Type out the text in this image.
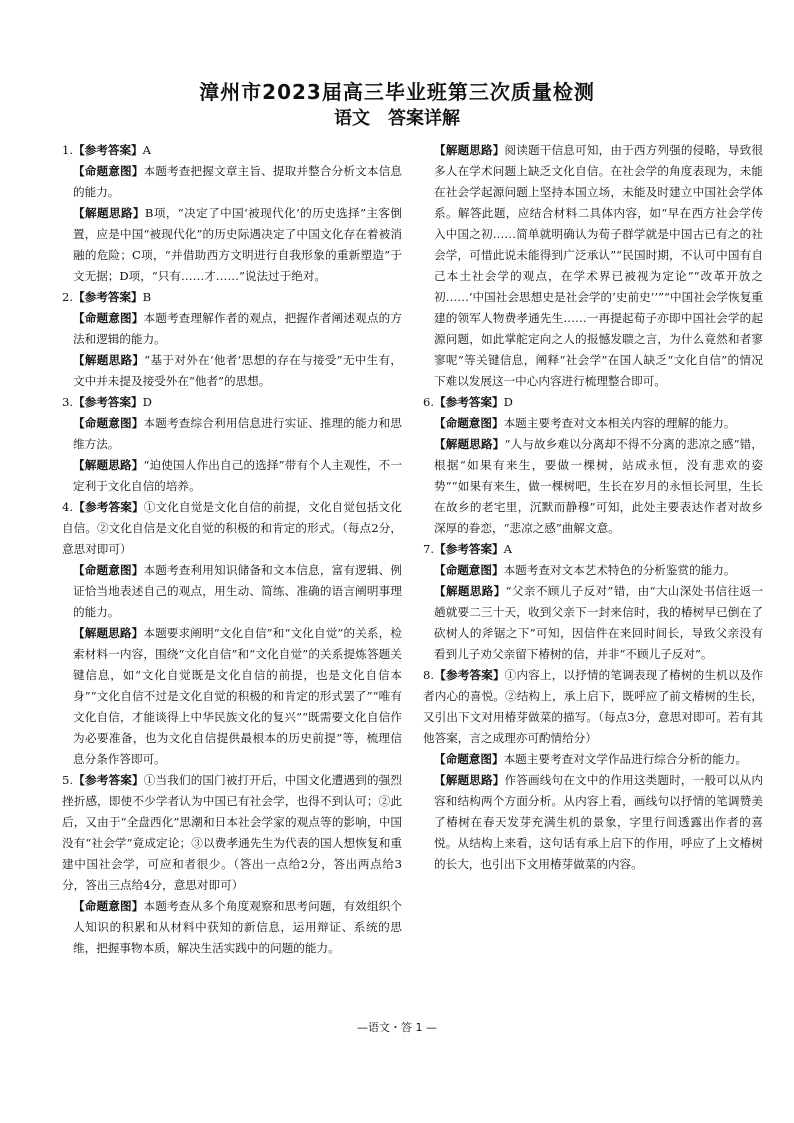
漳州市2023届高三毕业班第三次质量检测
语文　答案详解

1.【参考答案】A

【命题意图】本题考查把握文章主旨、提取并整合分析文本信息的能力。

【解题思路】B项，“决定了中国‘被现代化’的历史选择”主客倒置，应是中国“被现代化”的历史际遇决定了中国文化存在着被消融的危险；C项，“并借助西方文明进行自我形象的重新塑造”于文无据；D项，“只有……才……”说法过于绝对。

2.【参考答案】B

【命题意图】本题考查理解作者的观点，把握作者阐述观点的方法和逻辑的能力。

【解题思路】“基于对外在‘他者’思想的存在与接受”无中生有，文中并未提及接受外在“他者”的思想。

3.【参考答案】D

【命题意图】本题考查综合利用信息进行实证、推理的能力和思维方法。

【解题思路】“迫使国人作出自己的选择”带有个人主观性，不一定利于文化自信的培养。

4.【参考答案】①文化自觉是文化自信的前提，文化自觉包括文化自信。②文化自信是文化自觉的积极的和肯定的形式。（每点2分，意思对即可）

【命题意图】本题考查利用知识储备和文本信息，富有逻辑、例证恰当地表述自己的观点，用生动、简练、准确的语言阐明事理的能力。

【解题思路】本题要求阐明“文化自信”和“文化自觉”的关系，检索材料一内容，围绕“文化自信”和“文化自觉”的关系提炼答题关键信息，如“文化自觉既是文化自信的前提，也是文化自信本身”“文化自信不过是文化自觉的积极的和肯定的形式罢了”“唯有文化自信，才能谈得上中华民族文化的复兴”“既需要文化自信作为必要准备，也为文化自信提供最根本的历史前提”等，梳理信息分条作答即可。

5.【参考答案】①当我们的国门被打开后，中国文化遭遇到的强烈挫折感，即使不少学者认为中国已有社会学，也得不到认可；②此后，又由于“全盘西化”思潮和日本社会学家的观点等的影响，中国没有“社会学”竟成定论；③以费孝通先生为代表的国人想恢复和重建中国社会学，可应和者很少。（答出一点给2分，答出两点给3分，答出三点给4分，意思对即可）

【命题意图】本题考查从多个角度观察和思考问题，有效组织个人知识的积累和从材料中获知的新信息，运用辩证、系统的思维，把握事物本质，解决生活实践中的问题的能力。

【解题思路】阅读题干信息可知，由于西方列强的侵略，导致很多人在学术问题上缺乏文化自信。在社会学的角度表现为，未能在社会学起源问题上坚持本国立场，未能及时建立中国社会学体系。解答此题，应结合材料二具体内容，如“早在西方社会学传入中国之初……简单就明确认为荀子群学就是中国古已有之的社会学，可惜此说未能得到广泛承认”“民国时期，不认可中国有自己本土社会学的观点，在学术界已被视为定论”“改革开放之初……‘中国社会思想史是社会学的‘史前史’’”“中国社会学恢复重建的领军人物费孝通先生……一再提起荀子亦即中国社会学的起源问题，如此掌舵定向之人的报憾发聩之言，为什么竟然和者寥寥呢”等关键信息，阐释“社会学”在国人缺乏“文化自信”的情况下难以发展这一中心内容进行梳理整合即可。

6.【参考答案】D

【命题意图】本题主要考查对文本相关内容的理解的能力。

【解题思路】“人与故乡难以分离却不得不分离的悲凉之感”错，根据“如果有来生，要做一棵树，站成永恒，没有悲欢的姿势”“如果有来生，做一棵树吧，生长在岁月的永恒长河里，生长在故乡的老宅里，沉默而静穆”可知，此处主要表达作者对故乡深厚的眷恋，“悲凉之感”曲解文意。

7.【参考答案】A

【命题意图】本题考查对文本艺术特色的分析鉴赏的能力。

【解题思路】“父亲不顾儿子反对”错，由“大山深处书信往返一趟就要二三十天，收到父亲下一封来信时，我的椿树早已倒在了砍树人的斧锯之下”可知，因信件在来回时间长，导致父亲没有看到儿子劝父亲留下椿树的信，并非“不顾儿子反对”。

8.【参考答案】①内容上，以抒情的笔调表现了椿树的生机以及作者内心的喜悦。②结构上，承上启下，既呼应了前文椿树的生长，又引出下文对用椿芽做菜的描写。（每点3分，意思对即可。若有其他答案，言之成理亦可酌情给分）

【命题意图】本题主要考查对文学作品进行综合分析的能力。

【解题思路】作答画线句在文中的作用这类题时，一般可以从内容和结构两个方面分析。从内容上看，画线句以抒情的笔调赞美了椿树在春天发芽充满生机的景象，字里行间透露出作者的喜悦。从结构上来看，这句话有承上启下的作用，呼应了上文椿树的长大，也引出下文用椿芽做菜的内容。

—语文・答 1 —
